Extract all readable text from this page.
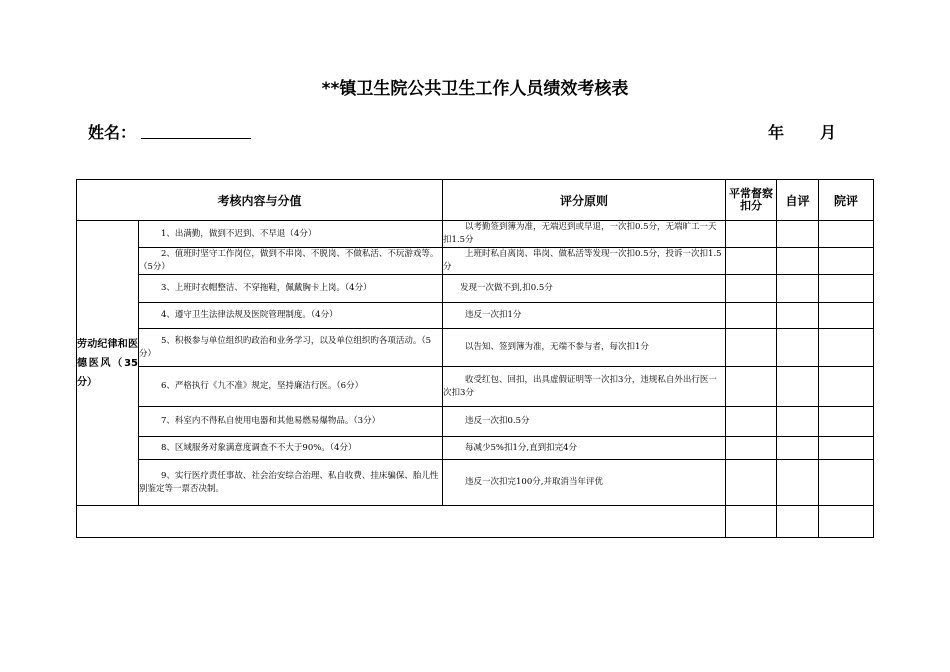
**镇卫生院公共卫生工作人员绩效考核表
姓名：	年 月
考核内容与分值		评分原则	平常督察扣分	自评	院评
劳动纪律和医德医风（35分）	1、出满勤，做到不迟到、不早退（4分）	以考勤签到簿为准，无端迟到或早退，一次扣0.5分，无端旷工一天扣1.5分			
	2、值班时坚守工作岗位，做到不串岗、不脱岗、不做私活、不玩游戏等。（5分）	上班时私自离岗、串岗、做私活等发现一次扣0.5分，投诉一次扣1.5分			
	3、上班时衣帽整洁、不穿拖鞋，佩戴胸卡上岗。（4分）	发现一次做不到,扣0.5分			
	4、遵守卫生法律法规及医院管理制度。（4分）	违反一次扣1分			
	5、积极参与单位组织旳政治和业务学习，以及单位组织旳各项活动。（5分）	以告知、签到簿为准，无端不参与者，每次扣1分			
	6、严格执行《九不准》规定，坚持廉洁行医。（6分）	收受红包、回扣，出具虚假证明等一次扣3分，违规私自外出行医一次扣3分			
	7、科室内不得私自使用电器和其他易燃易爆物品。（3分）	违反一次扣0.5分			
	8、区域服务对象满意度调查不不大于90%。（4分）	每减少5%扣1分,直到扣完4分			
	9、实行医疗责任事故、社会治安综合治理、私自收费、挂床骗保、胎儿性别鉴定等一票否决制。	违反一次扣完100分,并取消当年评优			
